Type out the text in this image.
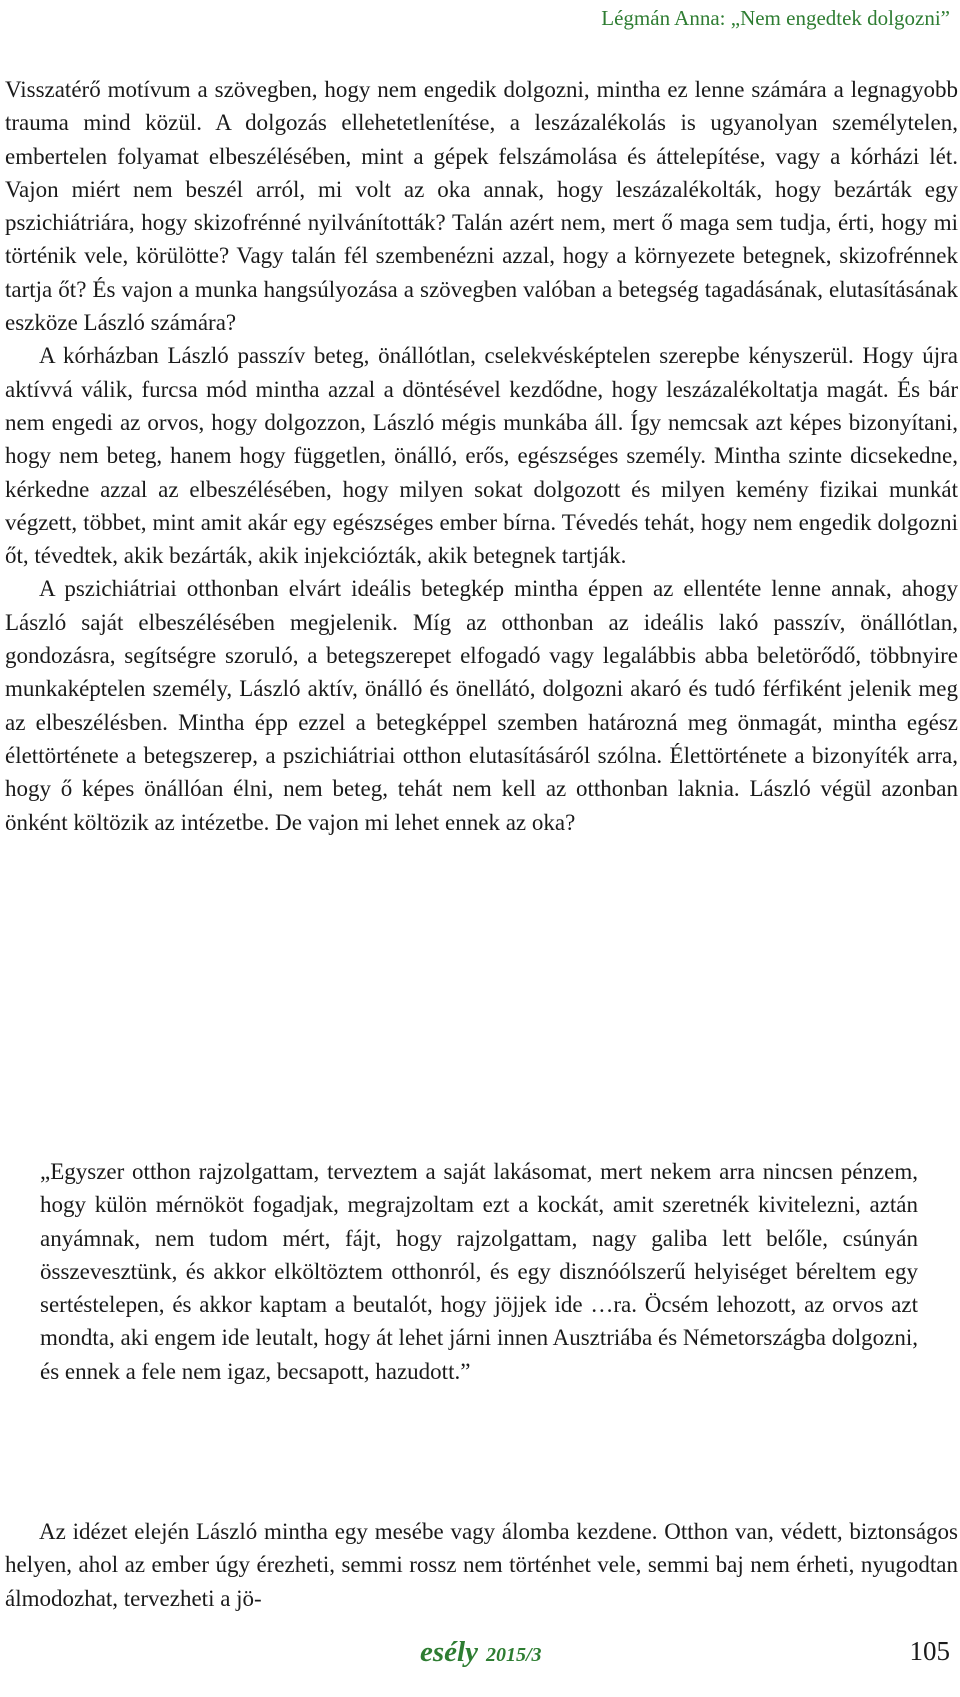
Légmán Anna: „Nem engedtek dolgozni”

Visszatérő motívum a szövegben, hogy nem engedik dolgozni, mintha ez lenne számára a legnagyobb trauma mind közül. A dolgozás ellehetetlenítése, a leszázalékolás is ugyanolyan személytelen, embertelen folyamat elbeszélésében, mint a gépek felszámolása és áttelepítése, vagy a kórházi lét. Vajon miért nem beszél arról, mi volt az oka annak, hogy leszázalékolták, hogy bezárták egy pszichiátriára, hogy skizofrénné nyilvánították? Talán azért nem, mert ő maga sem tudja, érti, hogy mi történik vele, körülötte? Vagy talán fél szembenézni azzal, hogy a környezete betegnek, skizofrénnek tartja őt? És vajon a munka hangsúlyozása a szövegben valóban a betegség tagadásának, elutasításának eszköze László számára?

A kórházban László passzív beteg, önállótlan, cselekvésképtelen szerepbe kényszerül. Hogy újra aktívvá válik, furcsa mód mintha azzal a döntésével kezdődne, hogy leszázalékoltatja magát. És bár nem engedi az orvos, hogy dolgozzon, László mégis munkába áll. Így nemcsak azt képes bizonyítani, hogy nem beteg, hanem hogy független, önálló, erős, egészséges személy. Mintha szinte dicsekedne, kérkedne azzal az elbeszélésében, hogy milyen sokat dolgozott és milyen kemény fizikai munkát végzett, többet, mint amit akár egy egészséges ember bírna. Tévedés tehát, hogy nem engedik dolgozni őt, tévedtek, akik bezárták, akik injekciózták, akik betegnek tartják.

A pszichiátriai otthonban elvárt ideális betegkép mintha éppen az ellentéte lenne annak, ahogy László saját elbeszélésében megjelenik. Míg az otthonban az ideális lakó passzív, önállótlan, gondozásra, segítségre szoruló, a betegszerepet elfogadó vagy legalábbis abba beletörődő, többnyire munkaképtelen személy, László aktív, önálló és önellátó, dolgozni akaró és tudó férfiként jelenik meg az elbeszélésben. Mintha épp ezzel a betegképpel szemben határozná meg önmagát, mintha egész élettörténete a betegszerep, a pszichiátriai otthon elutasításáról szólna. Élettörténete a bizonyíték arra, hogy ő képes önállóan élni, nem beteg, tehát nem kell az otthonban laknia. László végül azonban önként költözik az intézetbe. De vajon mi lehet ennek az oka?

„Egyszer otthon rajzolgattam, terveztem a saját lakásomat, mert nekem arra nincsen pénzem, hogy külön mérnököt fogadjak, megrajzoltam ezt a kockát, amit szeretnék kivitelezni, aztán anyámnak, nem tudom mért, fájt, hogy rajzolgattam, nagy galiba lett belőle, csúnyán összevesztünk, és akkor elköltöztem otthonról, és egy disznóólszerű helyiséget béreltem egy sertéstelepen, és akkor kaptam a beutalót, hogy jöjjek ide …ra. Öcsém lehozott, az orvos azt mondta, aki engem ide leutalt, hogy át lehet járni innen Ausztriába és Németországba dolgozni, és ennek a fele nem igaz, becsapott, hazudott.”
Az idézet elején László mintha egy mesébe vagy álomba kezdene. Otthon van, védett, biztonságos helyen, ahol az ember úgy érezheti, semmi rossz nem történhet vele, semmi baj nem érheti, nyugodtan álmodozhat, tervezheti a jö-
esély 2015/3	105
